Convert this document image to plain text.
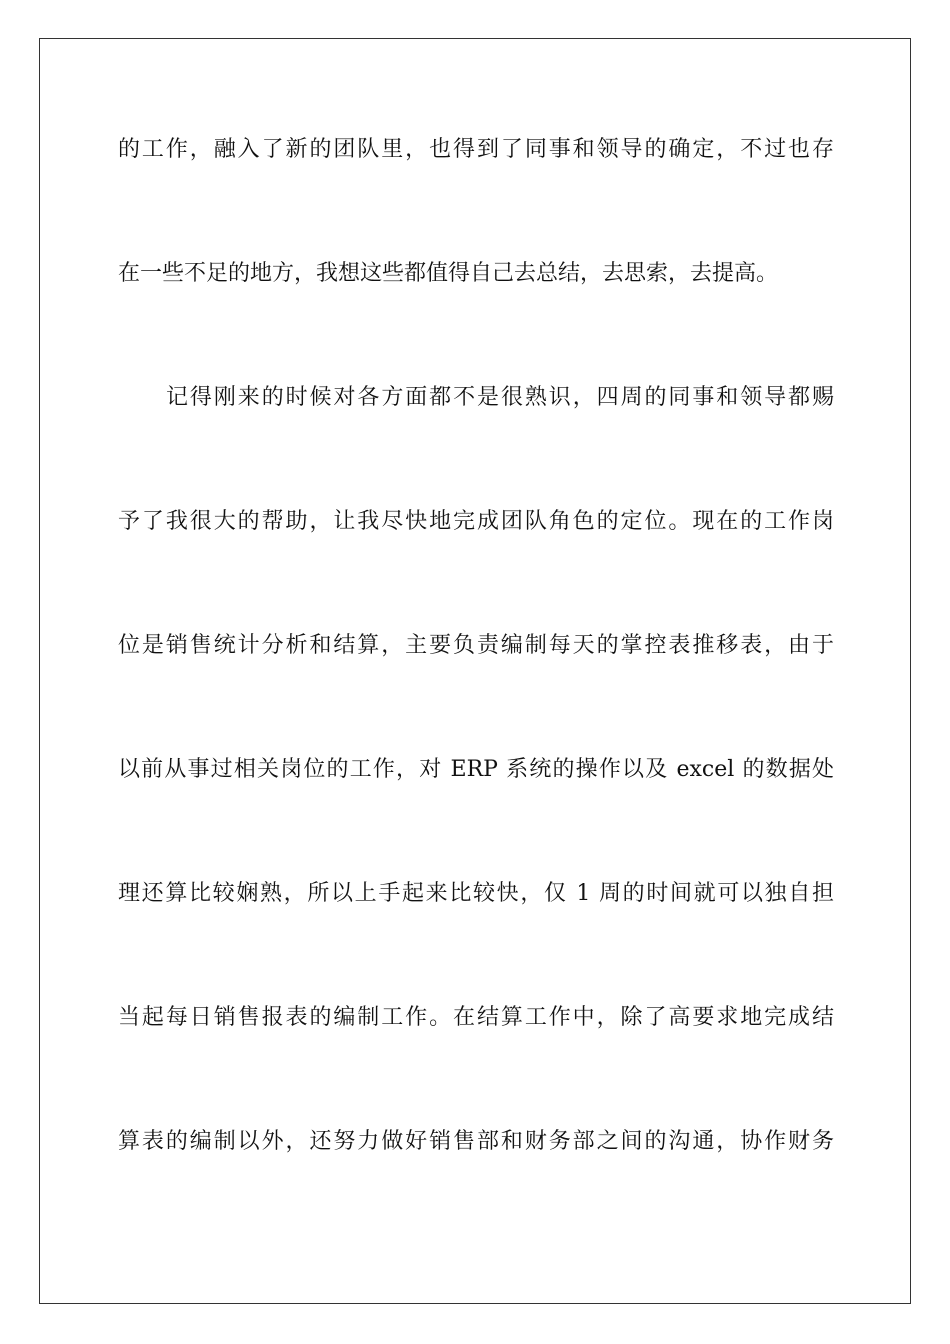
的工作，融入了新的团队里，也得到了同事和领导的确定，不过也存
在一些不足的地方，我想这些都值得自己去总结，去思索，去提高。
记得刚来的时候对各方面都不是很熟识，四周的同事和领导都赐
予了我很大的帮助，让我尽快地完成团队角色的定位。现在的工作岗
位是销售统计分析和结算，主要负责编制每天的掌控表推移表，由于
以前从事过相关岗位的工作，对 ERP 系统的操作以及 excel 的数据处
理还算比较娴熟，所以上手起来比较快，仅 1 周的时间就可以独自担
当起每日销售报表的编制工作。在结算工作中，除了高要求地完成结
算表的编制以外，还努力做好销售部和财务部之间的沟通，协作财务
